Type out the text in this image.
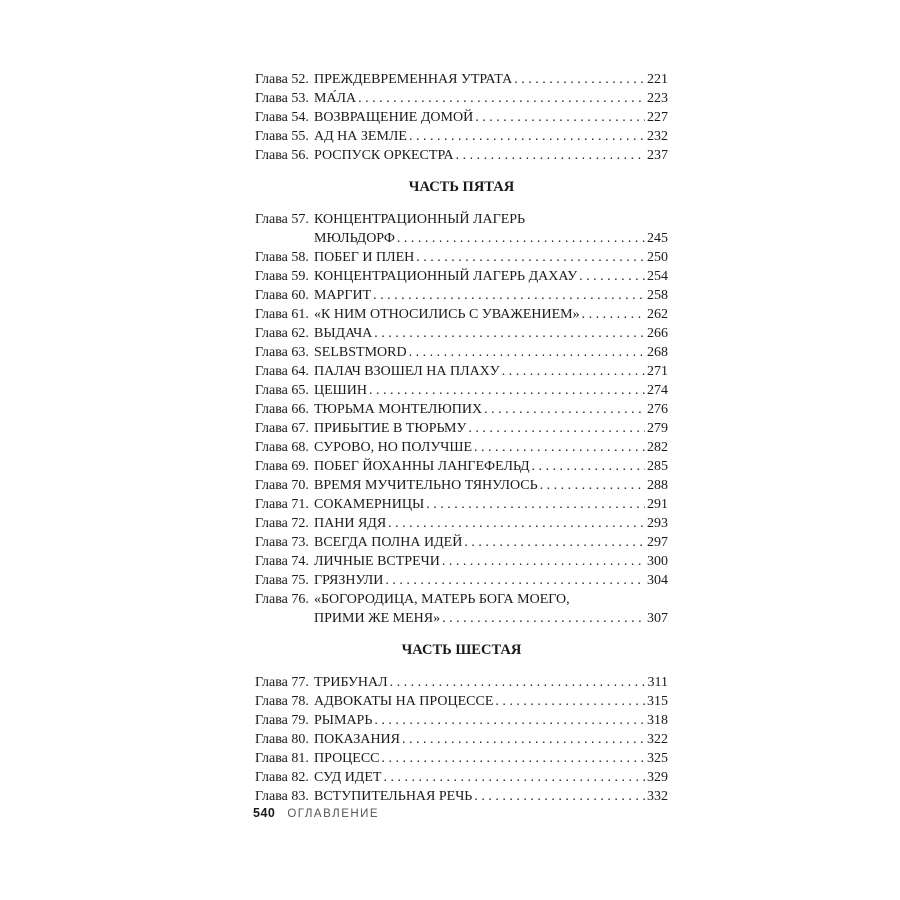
Глава 52. ПРЕЖДЕВРЕМЕННАЯ УТРАТА . . .	221
Глава 53. МА́ЛА . . .	223
Глава 54. ВОЗВРАЩЕНИЕ ДОМОЙ . . .	227
Глава 55. АД НА ЗЕМЛЕ . . .	232
Глава 56. РОСПУСК ОРКЕСТРА . . .	237
ЧАСТЬ ПЯТАЯ
Глава 57. КОНЦЕНТРАЦИОННЫЙ ЛАГЕРЬ
МЮЛЬДОРФ . . .	245
Глава 58. ПОБЕГ И ПЛЕН . . .	250
Глава 59. КОНЦЕНТРАЦИОННЫЙ ЛАГЕРЬ ДАХАУ . . .	254
Глава 60. МАРГИТ . . .	258
Глава 61. «К НИМ ОТНОСИЛИСЬ С УВАЖЕНИЕМ» . . .	262
Глава 62. ВЫДАЧА . . .	266
Глава 63. SELBSTMORD . . .	268
Глава 64. ПАЛАЧ ВЗОШЕЛ НА ПЛАХУ . . .	271
Глава 65. ЦЕШИН . . .	274
Глава 66. ТЮРЬМА МОНТЕЛЮПИХ . . .	276
Глава 67. ПРИБЫТИЕ В ТЮРЬМУ . . .	279
Глава 68. СУРОВО, НО ПОЛУЧШЕ . . .	282
Глава 69. ПОБЕГ ЙОХАННЫ ЛАНГЕФЕЛЬД . . .	285
Глава 70. ВРЕМЯ МУЧИТЕЛЬНО ТЯНУЛОСЬ . . .	288
Глава 71. СОКАМЕРНИЦЫ . . .	291
Глава 72. ПАНИ ЯДЯ . . .	293
Глава 73. ВСЕГДА ПОЛНА ИДЕЙ . . .	297
Глава 74. ЛИЧНЫЕ ВСТРЕЧИ . . .	300
Глава 75. ГРЯЗНУЛИ . . .	304
Глава 76. «БОГОРОДИЦА, МАТЕРЬ БОГА МОЕГО,
ПРИМИ ЖЕ МЕНЯ» . . .	307
ЧАСТЬ ШЕСТАЯ
Глава 77. ТРИБУНАЛ . . .	311
Глава 78. АДВОКАТЫ НА ПРОЦЕССЕ . . .	315
Глава 79. РЫМАРЬ . . .	318
Глава 80. ПОКАЗАНИЯ . . .	322
Глава 81. ПРОЦЕСС . . .	325
Глава 82. СУД ИДЕТ . . .	329
Глава 83. ВСТУПИТЕЛЬНАЯ РЕЧЬ . . .	332
540 ОГЛАВЛЕНИЕ
